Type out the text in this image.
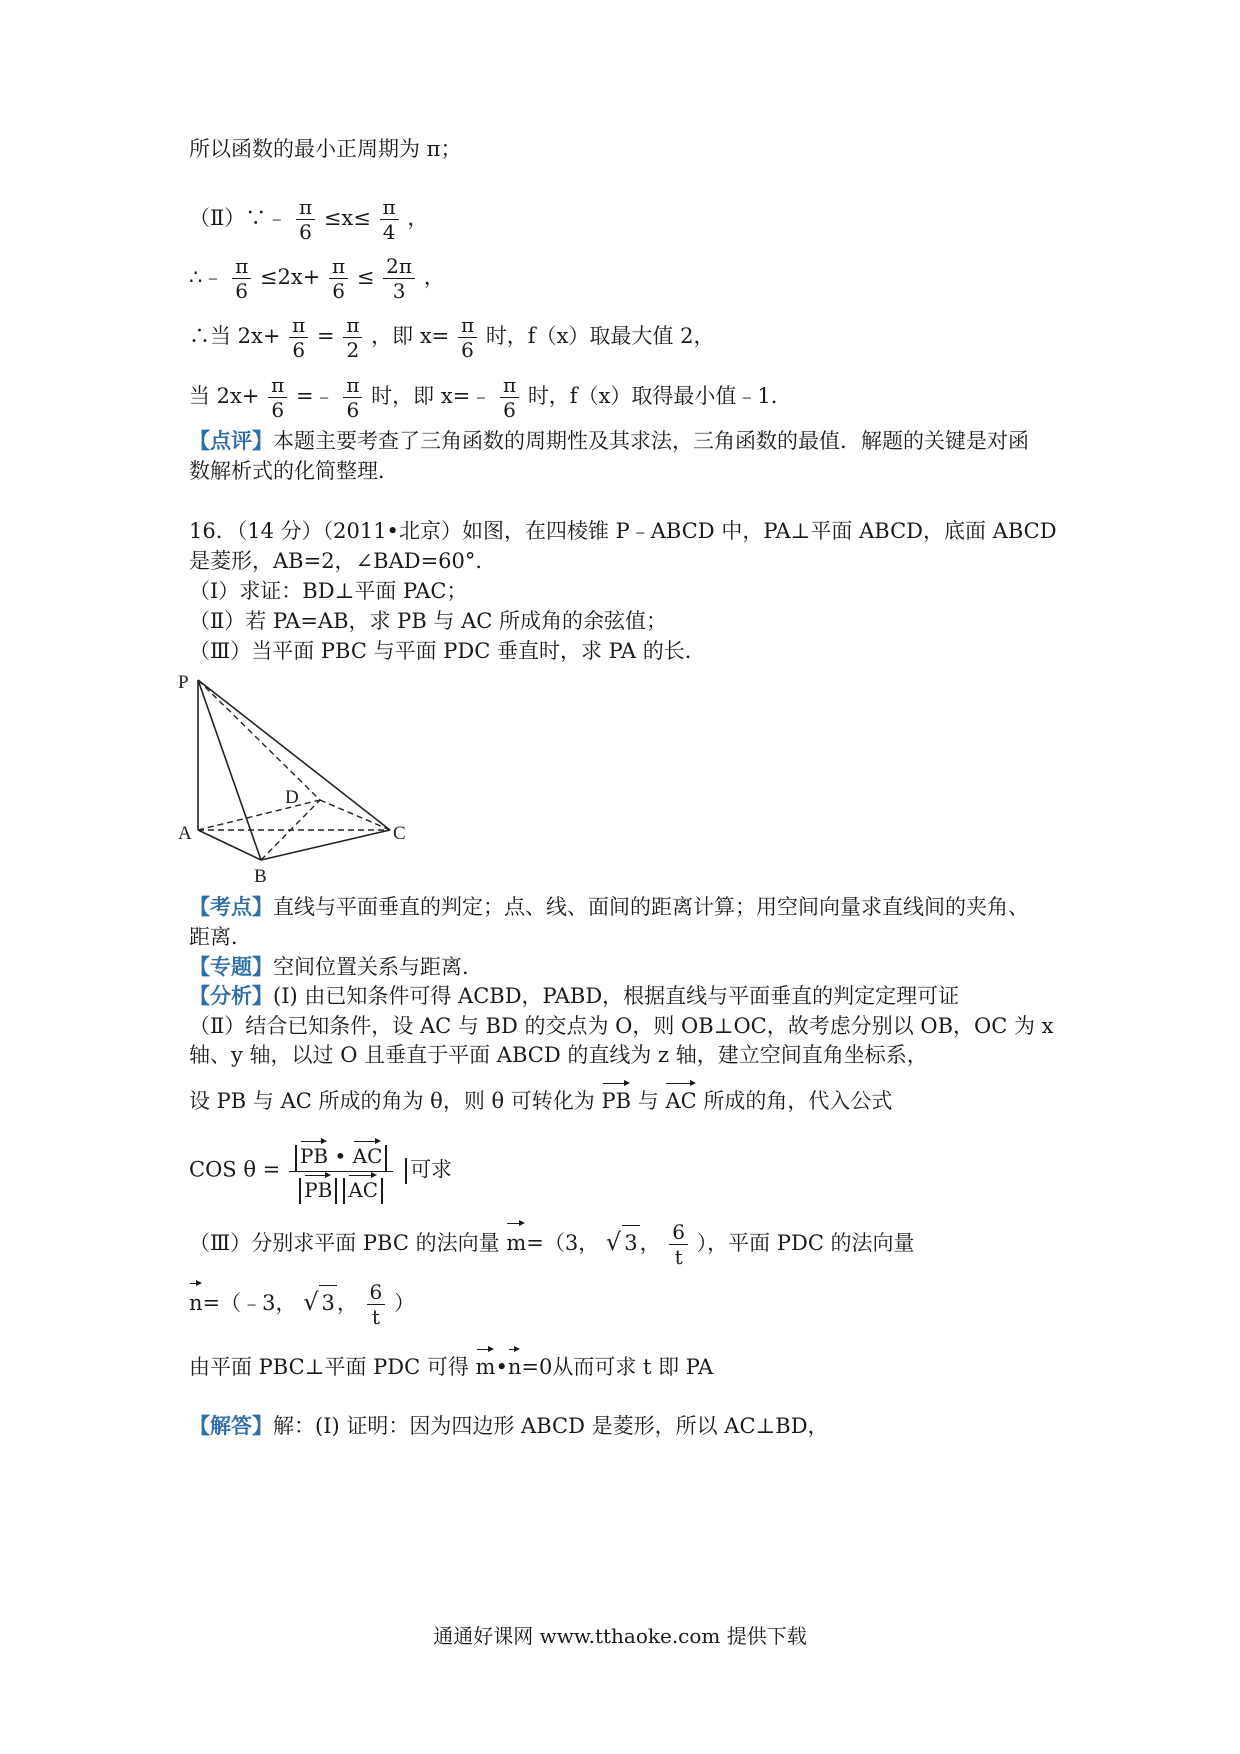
所以函数的最小正周期为 π；
（Ⅱ）∵﹣ $\frac{\pi}{6} \le x\le \frac{\pi}{4}$ ，
∴﹣ $\frac{\pi}{6} \le 2x+ \frac{\pi}{6} \le \frac{2\pi}{3}$ ，
∴当 $2x+ \frac{\pi}{6} = \frac{\pi}{2}$ ，即 $x= \frac{\pi}{6}$ 时，f（x）取最大值 2，
当 $2x+ \frac{\pi}{6}$ =﹣ $\frac{\pi}{6}$ 时，即 x=﹣ $\frac{\pi}{6}$ 时，f（x）取得最小值﹣1.
【点评】本题主要考查了三角函数的周期性及其求法，三角函数的最值．解题的关键是对函
数解析式的化简整理．
16．（14 分）（2011•北京）如图，在四棱锥 P﹣ABCD 中，PA⊥平面 ABCD，底面 ABCD
是菱形，AB=2，∠BAD=60°．
（Ⅰ）求证：BD⊥平面 PAC；
（Ⅱ）若 PA=AB，求 PB 与 AC 所成角的余弦值；
（Ⅲ）当平面 PBC 与平面 PDC 垂直时，求 PA 的长．
P
A
B
C
D
【考点】直线与平面垂直的判定；点、线、面间的距离计算；用空间向量求直线间的夹角、
距离．
【专题】空间位置关系与距离．
【分析】(Ⅰ) 由已知条件可得 ACBD，PABD，根据直线与平面垂直的判定定理可证
（Ⅱ）结合已知条件，设 AC 与 BD 的交点为 O，则 OB⊥OC，故考虑分别以 OB，OC 为 x
轴、y 轴，以过 O 且垂直于平面 ABCD 的直线为 z 轴，建立空间直角坐标系，
设 PB 与 AC 所成的角为 θ，则 θ 可转化为 PB 与 AC 所成的角，代入公式
COS $\theta = \frac{PB • AC}{\text{PB AC}}$ 可求
（Ⅲ）分别求平面 PBC 的法向量 m=（3， √ 3， $\frac{6}{t}$ ），平面 PDC 的法向量
n=（﹣3， √ 3， $\frac{6}{t}$ ）
由平面 PBC⊥平面 PDC 可得 m•n=0从而可求 t 即 PA
【解答】解：(Ⅰ) 证明：因为四边形 ABCD 是菱形，所以 AC⊥BD，
通通好课网 www.tthaoke.com 提供下载
